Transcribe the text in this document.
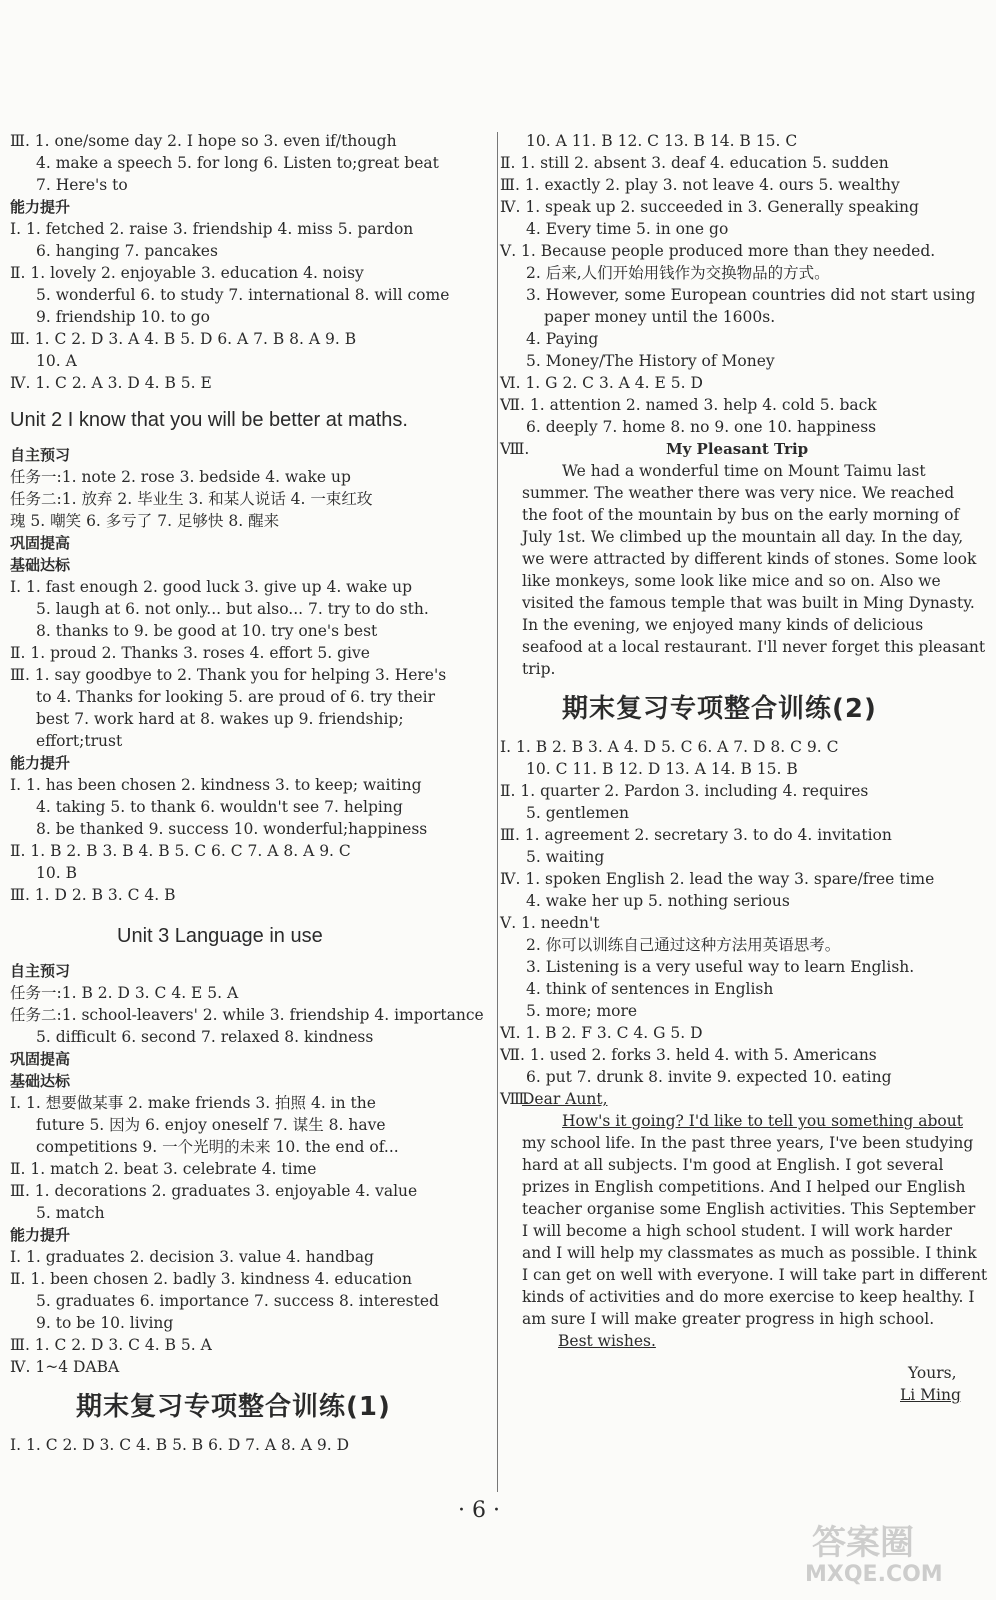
Ⅲ. 1. one/some day 2. I hope so 3. even if/though
4. make a speech 5. for long 6. Listen to;great beat
7. Here's to
能力提升
Ⅰ. 1. fetched 2. raise 3. friendship 4. miss 5. pardon
6. hanging 7. pancakes
Ⅱ. 1. lovely 2. enjoyable 3. education 4. noisy
5. wonderful 6. to study 7. international 8. will come
9. friendship 10. to go
Ⅲ. 1. C 2. D 3. A 4. B 5. D 6. A 7. B 8. A 9. B
10. A
Ⅳ. 1. C 2. A 3. D 4. B 5. E
Unit 2 I know that you will be better at maths.
自主预习
任务一:1. note 2. rose 3. bedside 4. wake up
任务二:1. 放弃 2. 毕业生 3. 和某人说话 4. 一束红玫
瑰 5. 嘲笑 6. 多亏了 7. 足够快 8. 醒来
巩固提高
基础达标
Ⅰ. 1. fast enough 2. good luck 3. give up 4. wake up
5. laugh at 6. not only... but also... 7. try to do sth.
8. thanks to 9. be good at 10. try one's best
Ⅱ. 1. proud 2. Thanks 3. roses 4. effort 5. give
Ⅲ. 1. say goodbye to 2. Thank you for helping 3. Here's
to 4. Thanks for looking 5. are proud of 6. try their
best 7. work hard at 8. wakes up 9. friendship;
effort;trust
能力提升
Ⅰ. 1. has been chosen 2. kindness 3. to keep; waiting
4. taking 5. to thank 6. wouldn't see 7. helping
8. be thanked 9. success 10. wonderful;happiness
Ⅱ. 1. B 2. B 3. B 4. B 5. C 6. C 7. A 8. A 9. C
10. B
Ⅲ. 1. D 2. B 3. C 4. B
Unit 3 Language in use
自主预习
任务一:1. B 2. D 3. C 4. E 5. A
任务二:1. school-leavers' 2. while 3. friendship 4. importance
5. difficult 6. second 7. relaxed 8. kindness
巩固提高
基础达标
Ⅰ. 1. 想要做某事 2. make friends 3. 拍照 4. in the
future 5. 因为 6. enjoy oneself 7. 谋生 8. have
competitions 9. 一个光明的未来 10. the end of...
Ⅱ. 1. match 2. beat 3. celebrate 4. time
Ⅲ. 1. decorations 2. graduates 3. enjoyable 4. value
5. match
能力提升
Ⅰ. 1. graduates 2. decision 3. value 4. handbag
Ⅱ. 1. been chosen 2. badly 3. kindness 4. education
5. graduates 6. importance 7. success 8. interested
9. to be 10. living
Ⅲ. 1. C 2. D 3. C 4. B 5. A
Ⅳ. 1~4 DABA
期末复习专项整合训练(1)
Ⅰ. 1. C 2. D 3. C 4. B 5. B 6. D 7. A 8. A 9. D
10. A 11. B 12. C 13. B 14. B 15. C
Ⅱ. 1. still 2. absent 3. deaf 4. education 5. sudden
Ⅲ. 1. exactly 2. play 3. not leave 4. ours 5. wealthy
Ⅳ. 1. speak up 2. succeeded in 3. Generally speaking
4. Every time 5. in one go
Ⅴ. 1. Because people produced more than they needed.
2. 后来,人们开始用钱作为交换物品的方式。
3. However, some European countries did not start using
paper money until the 1600s.
4. Paying
5. Money/The History of Money
Ⅵ. 1. G 2. C 3. A 4. E 5. D
Ⅶ. 1. attention 2. named 3. help 4. cold 5. back
6. deeply 7. home 8. no 9. one 10. happiness
Ⅷ.	My Pleasant Trip
We had a wonderful time on Mount Taimu last
summer. The weather there was very nice. We reached
the foot of the mountain by bus on the early morning of
July 1st. We climbed up the mountain all day. In the day,
we were attracted by different kinds of stones. Some look
like monkeys, some look like mice and so on. Also we
visited the famous temple that was built in Ming Dynasty.
In the evening, we enjoyed many kinds of delicious
seafood at a local restaurant. I'll never forget this pleasant
trip.
期末复习专项整合训练(2)
Ⅰ. 1. B 2. B 3. A 4. D 5. C 6. A 7. D 8. C 9. C
10. C 11. B 12. D 13. A 14. B 15. B
Ⅱ. 1. quarter 2. Pardon 3. including 4. requires
5. gentlemen
Ⅲ. 1. agreement 2. secretary 3. to do 4. invitation
5. waiting
Ⅳ. 1. spoken English 2. lead the way 3. spare/free time
4. wake her up 5. nothing serious
Ⅴ. 1. needn't
2. 你可以训练自己通过这种方法用英语思考。
3. Listening is a very useful way to learn English.
4. think of sentences in English
5. more; more
Ⅵ. 1. B 2. F 3. C 4. G 5. D
Ⅶ. 1. used 2. forks 3. held 4. with 5. Americans
6. put 7. drunk 8. invite 9. expected 10. eating
Ⅷ.
Dear Aunt,
How's it going? I'd like to tell you something about
my school life. In the past three years, I've been studying
hard at all subjects. I'm good at English. I got several
prizes in English competitions. And I helped our English
teacher organise some English activities. This September
I will become a high school student. I will work harder
and I will help my classmates as much as possible. I think
I can get on well with everyone. I will take part in different
kinds of activities and do more exercise to keep healthy. I
am sure I will make greater progress in high school.
Best wishes.
Yours,
Li Ming
· 6 ·
答案圈
MXQE.COM
